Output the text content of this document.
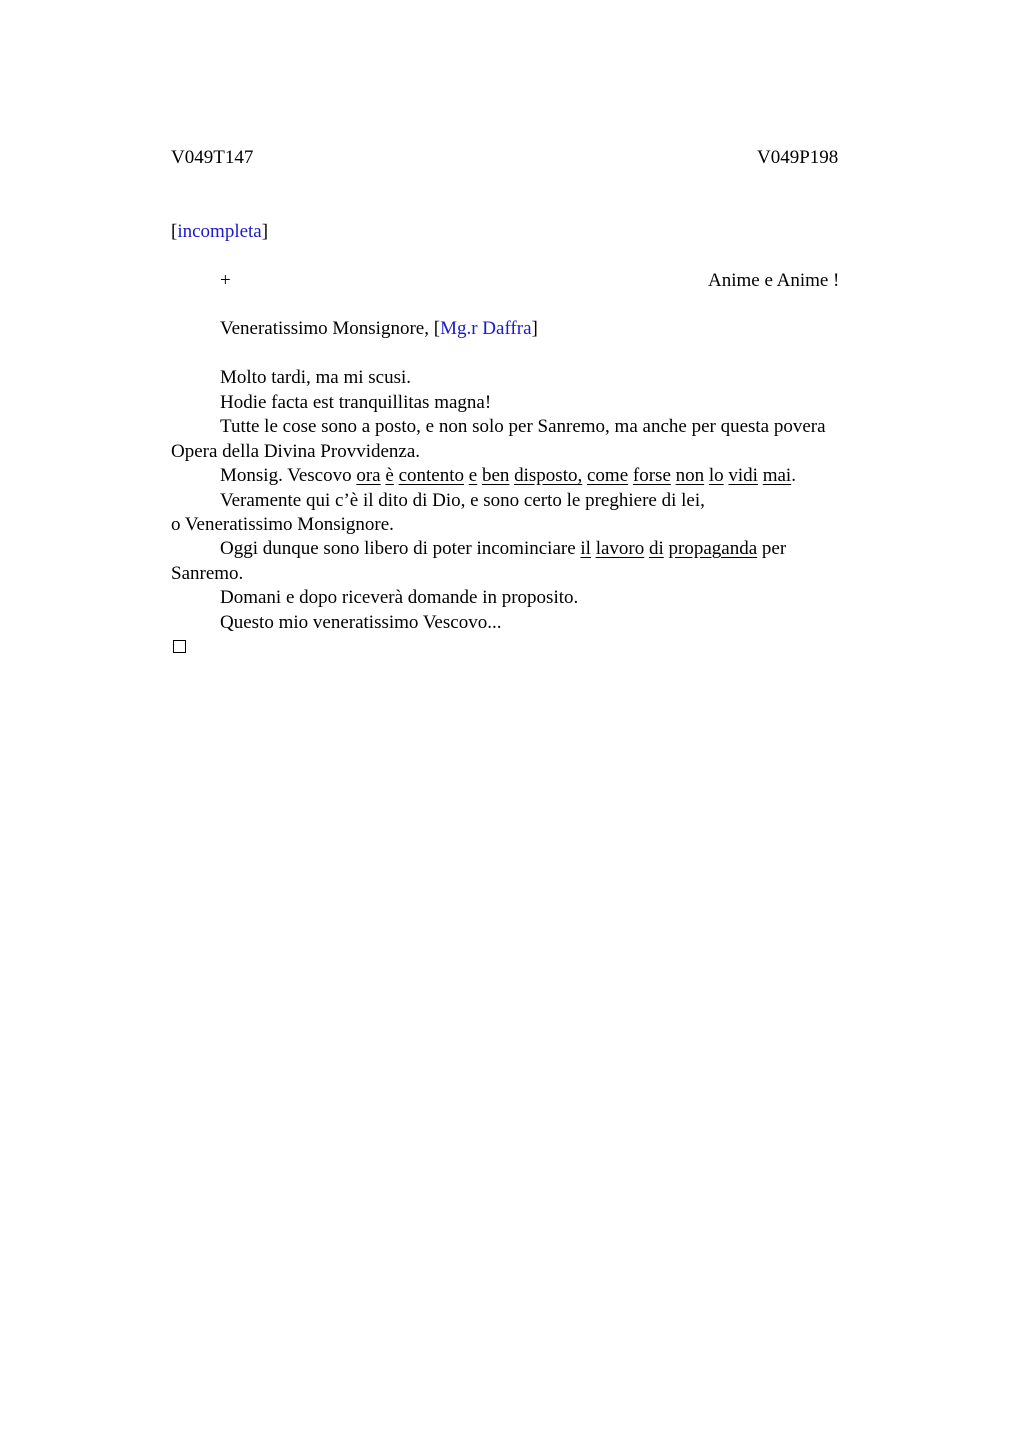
V049T147	V049P198
[incompleta]
+	Anime e Anime !
Veneratissimo Monsignore, [Mg.r Daffra]
Molto tardi, ma mi scusi.
Hodie facta est tranquillitas magna!
Tutte le cose sono a posto, e non solo per Sanremo, ma anche per questa povera
Opera della Divina Provvidenza.
Monsig. Vescovo ora è contento e ben disposto, come forse non lo vidi mai.
Veramente qui c’è il dito di Dio, e sono certo le preghiere di lei,
o Veneratissimo Monsignore.
Oggi dunque sono libero di poter incominciare il lavoro di propaganda per
Sanremo.
Domani e dopo riceverà domande in proposito.
Questo mio veneratissimo Vescovo...
